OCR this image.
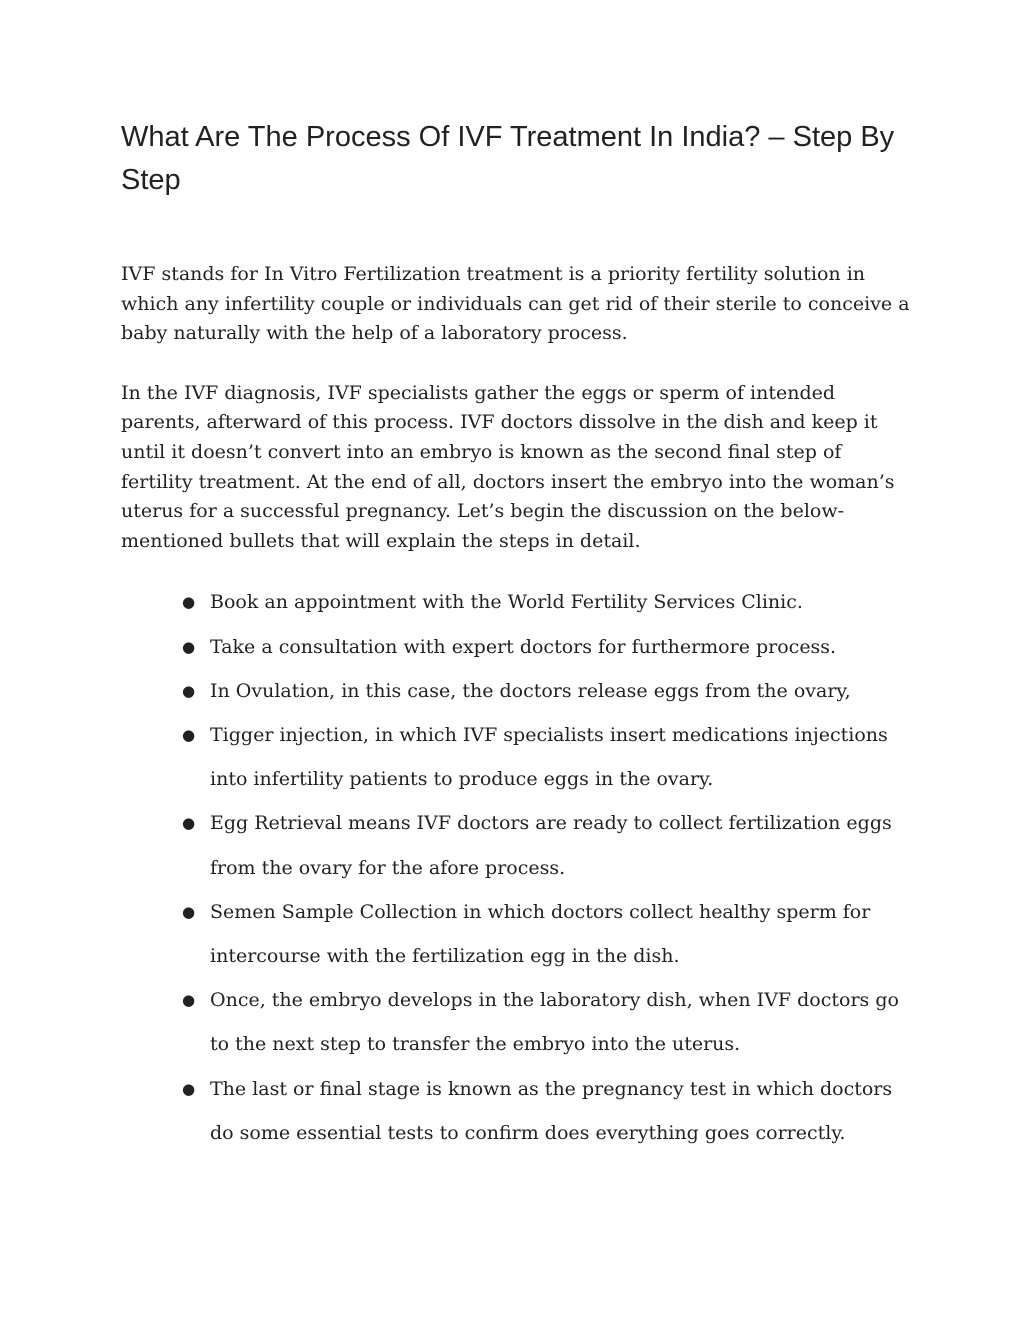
What Are The Process Of IVF Treatment In India? – Step By Step

IVF stands for In Vitro Fertilization treatment is a priority fertility solution in which any infertility couple or individuals can get rid of their sterile to conceive a baby naturally with the help of a laboratory process.

In the IVF diagnosis, IVF specialists gather the eggs or sperm of intended parents, afterward of this process. IVF doctors dissolve in the dish and keep it until it doesn’t convert into an embryo is known as the second final step of fertility treatment. At the end of all, doctors insert the embryo into the woman’s uterus for a successful pregnancy. Let’s begin the discussion on the below-mentioned bullets that will explain the steps in detail.

● Book an appointment with the World Fertility Services Clinic.
● Take a consultation with expert doctors for furthermore process.
● In Ovulation, in this case, the doctors release eggs from the ovary,
● Tigger injection, in which IVF specialists insert medications injections into infertility patients to produce eggs in the ovary.
● Egg Retrieval means IVF doctors are ready to collect fertilization eggs from the ovary for the afore process.
● Semen Sample Collection in which doctors collect healthy sperm for intercourse with the fertilization egg in the dish.
● Once, the embryo develops in the laboratory dish, when IVF doctors go to the next step to transfer the embryo into the uterus.
● The last or final stage is known as the pregnancy test in which doctors do some essential tests to confirm does everything goes correctly.
